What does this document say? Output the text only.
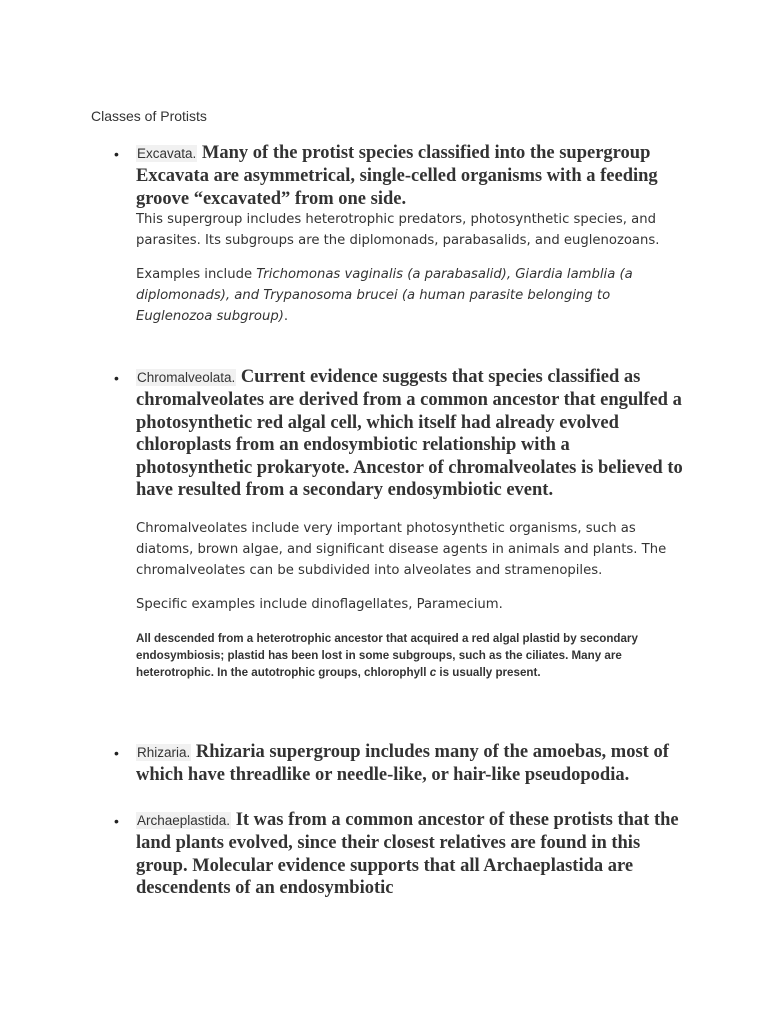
Classes of Protists
• Excavata. Many of the protist species classified into the supergroup Excavata are asymmetrical, single-celled organisms with a feeding groove “excavated” from one side.

This supergroup includes heterotrophic predators, photosynthetic species, and parasites. Its subgroups are the diplomonads, parabasalids, and euglenozoans.

Examples include Trichomonas vaginalis (a parabasalid), Giardia lamblia (a diplomonads), and Trypanosoma brucei (a human parasite belonging to Euglenozoa subgroup).

• Chromalveolata. Current evidence suggests that species classified as chromalveolates are derived from a common ancestor that engulfed a photosynthetic red algal cell, which itself had already evolved chloroplasts from an endosymbiotic relationship with a photosynthetic prokaryote. Ancestor of chromalveolates is believed to have resulted from a secondary endosymbiotic event.

Chromalveolates include very important photosynthetic organisms, such as diatoms, brown algae, and significant disease agents in animals and plants. The chromalveolates can be subdivided into alveolates and stramenopiles.

Specific examples include dinoflagellates, Paramecium.

All descended from a heterotrophic ancestor that acquired a red algal plastid by secondary endosymbiosis; plastid has been lost in some subgroups, such as the ciliates. Many are heterotrophic. In the autotrophic groups, chlorophyll c is usually present.

• Rhizaria. Rhizaria supergroup includes many of the amoebas, most of which have threadlike or needle-like, or hair-like pseudopodia.

• Archaeplastida. It was from a common ancestor of these protists that the land plants evolved, since their closest relatives are found in this group. Molecular evidence supports that all Archaeplastida are descendents of an endosymbiotic
